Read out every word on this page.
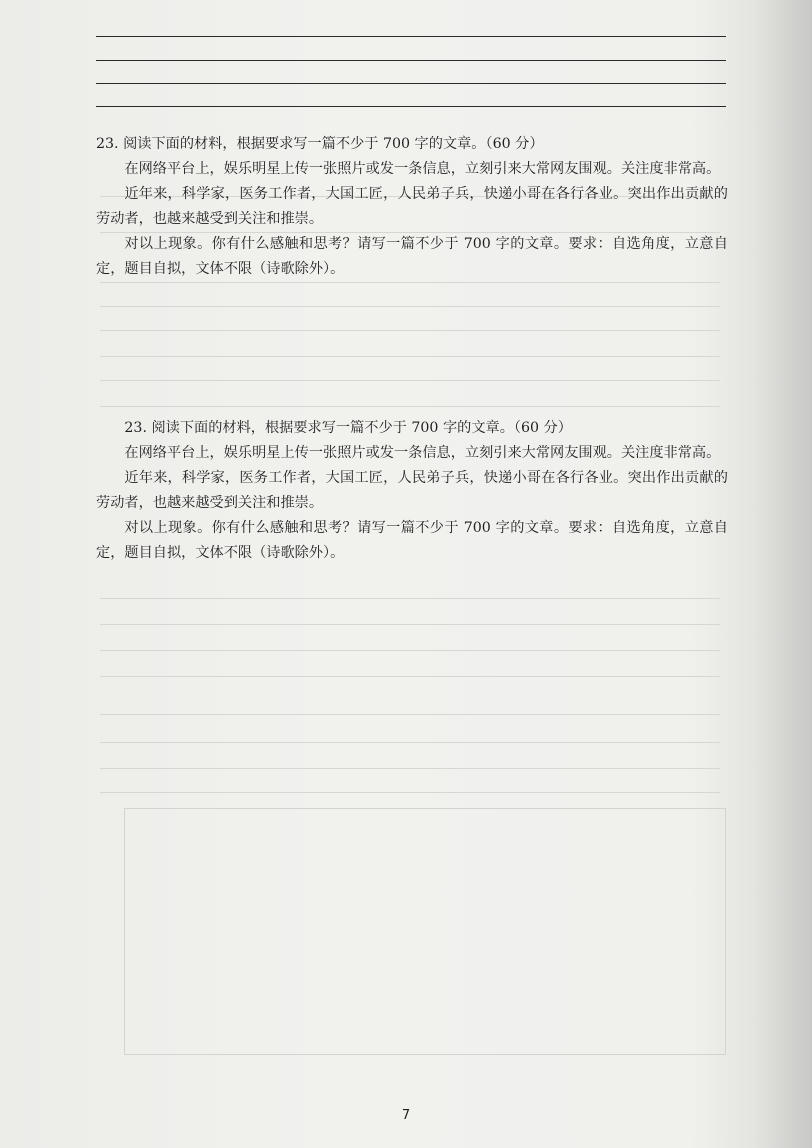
23. 阅读下面的材料，根据要求写一篇不少于 700 字的文章。（60 分）

在网络平台上，娱乐明星上传一张照片或发一条信息，立刻引来大常网友围观。关注度非常高。

近年来，科学家，医务工作者，大国工匠，人民弟子兵，快递小哥在各行各业。突出作出贡献的劳动者，也越来越受到关注和推崇。

对以上现象。你有什么感触和思考？请写一篇不少于 700 字的文章。要求：自选角度，立意自定，题目自拟，文体不限（诗歌除外）。

23. 阅读下面的材料，根据要求写一篇不少于 700 字的文章。（60 分）

在网络平台上，娱乐明星上传一张照片或发一条信息，立刻引来大常网友围观。关注度非常高。

近年来，科学家，医务工作者，大国工匠，人民弟子兵，快递小哥在各行各业。突出作出贡献的劳动者，也越来越受到关注和推崇。

对以上现象。你有什么感触和思考？请写一篇不少于 700 字的文章。要求：自选角度，立意自定，题目自拟，文体不限（诗歌除外）。

7
